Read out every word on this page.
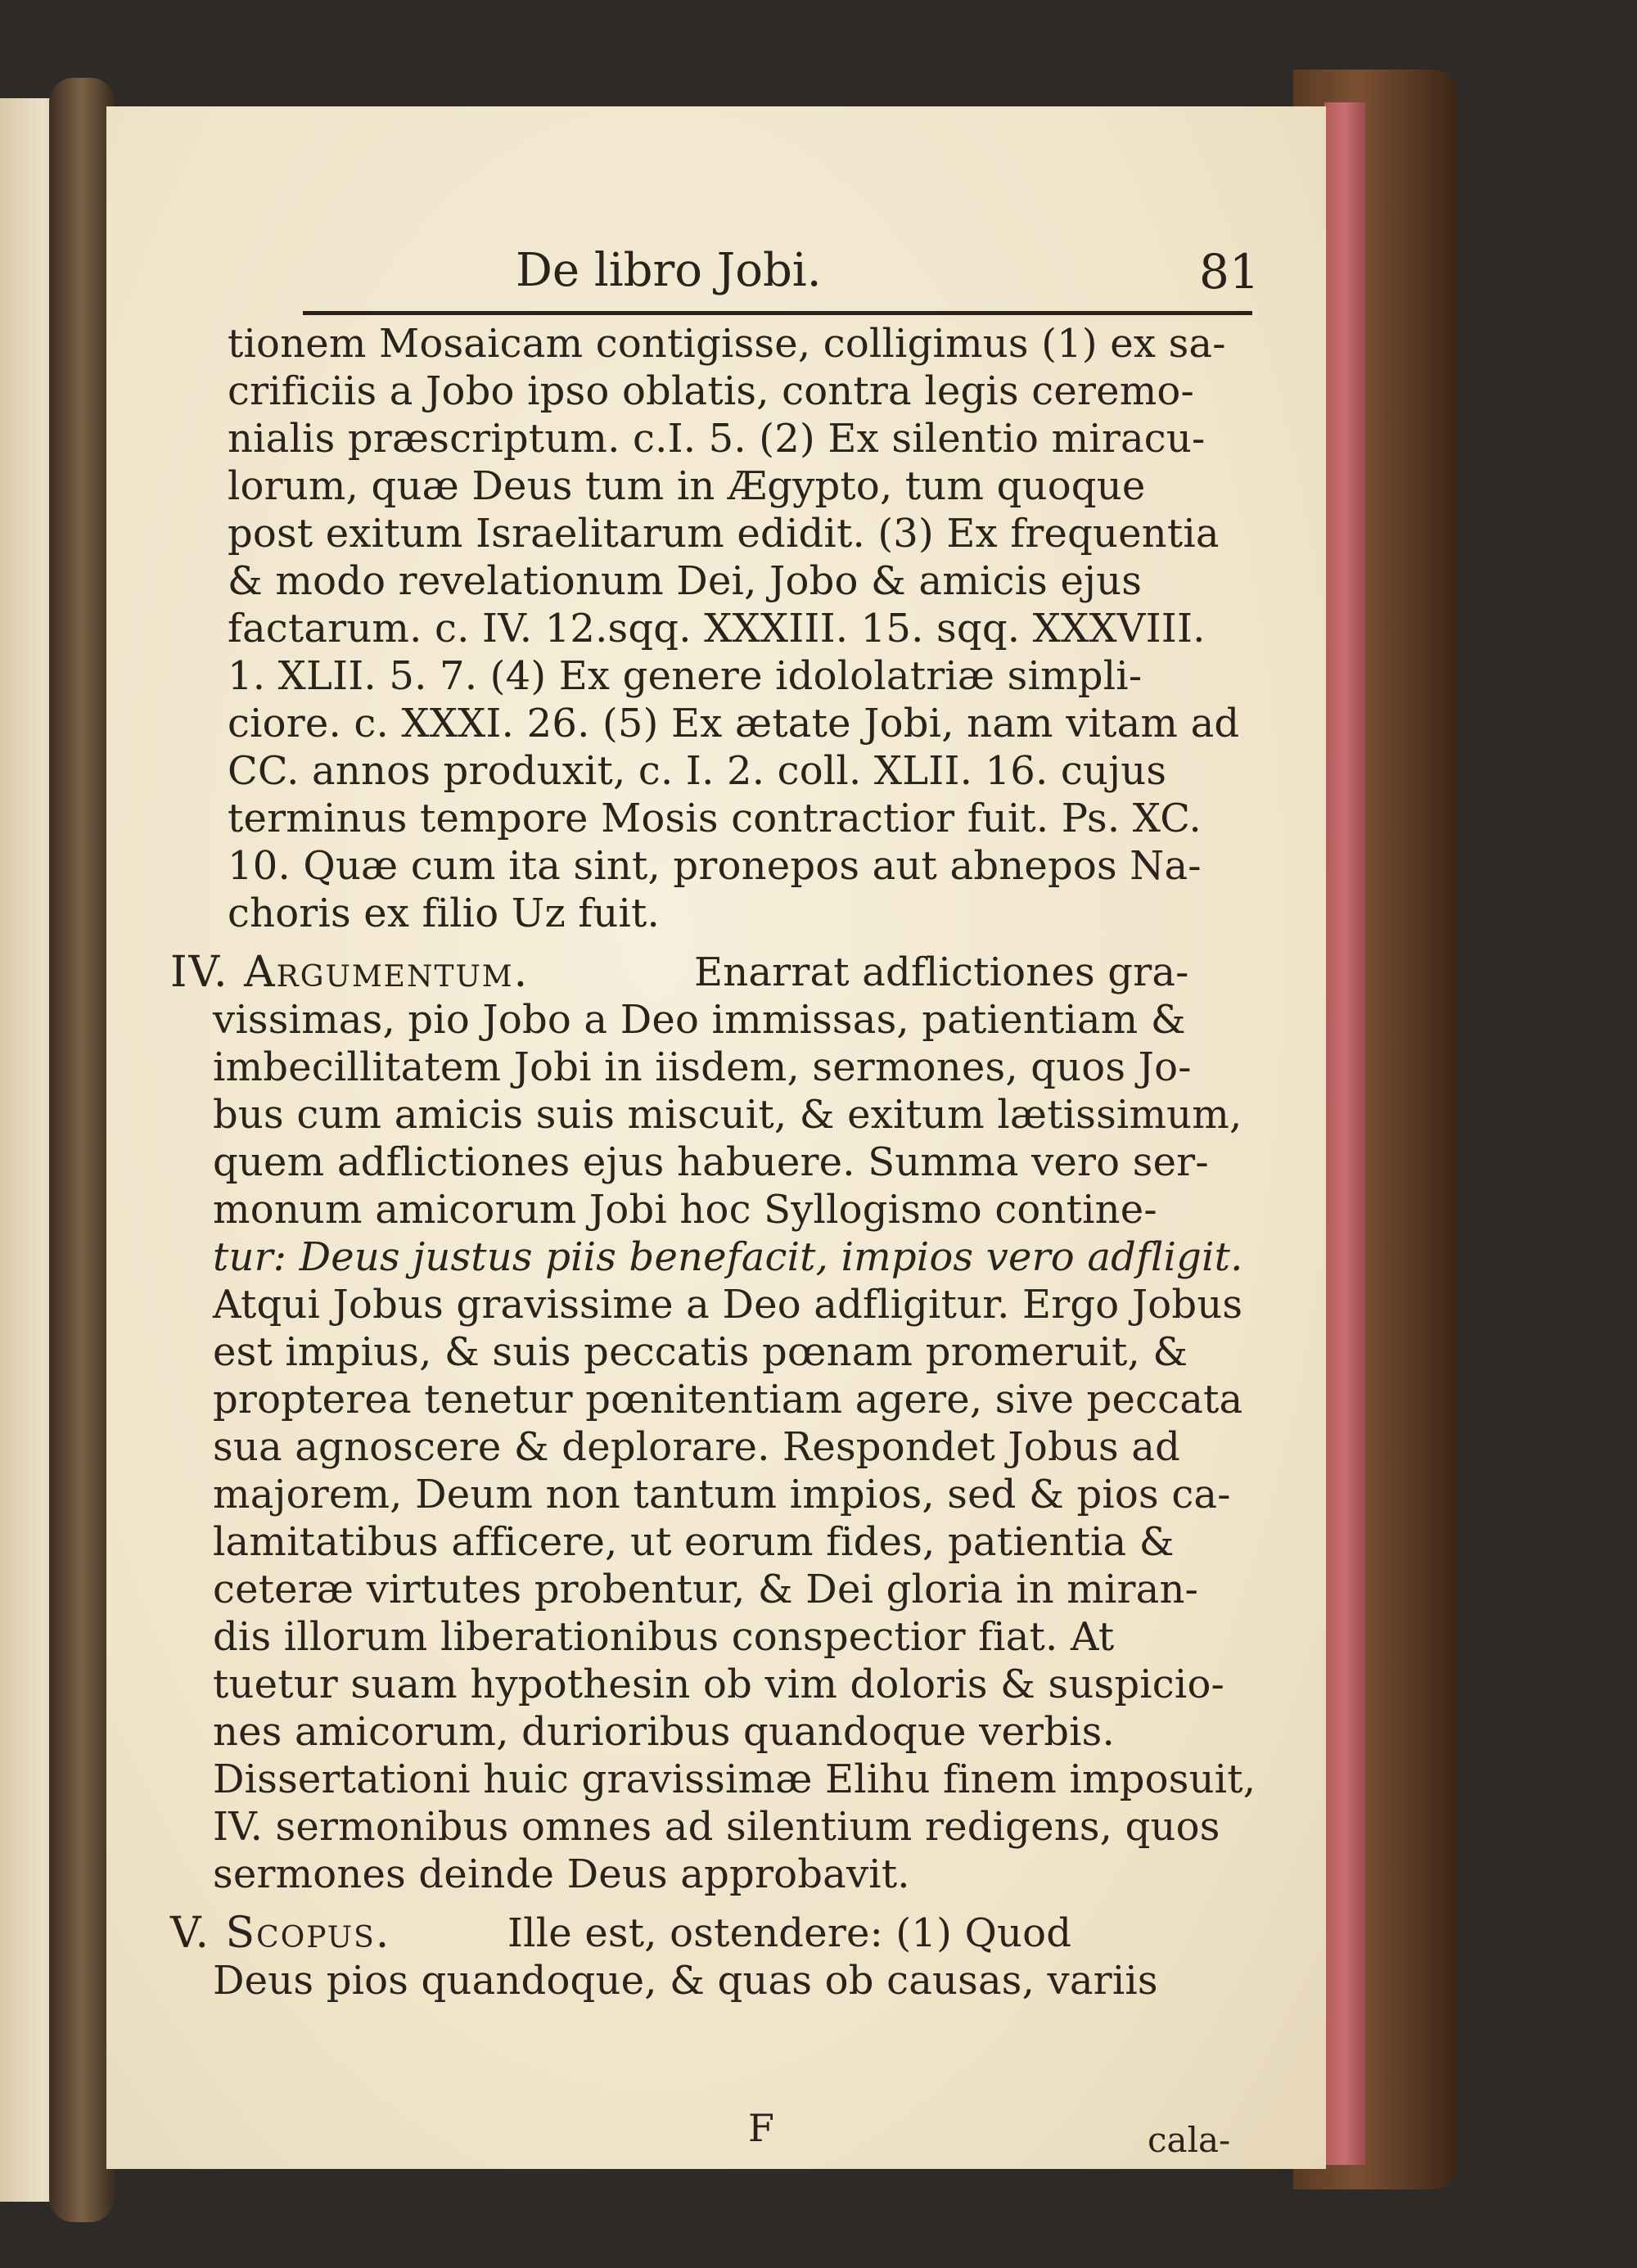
De libro Jobi.	81
tionem Mosaicam contigisse, colligimus (1) ex sa-
crificiis a Jobo ipso oblatis, contra legis ceremo-
nialis præscriptum. c.I. 5. (2) Ex silentio miracu-
lorum, quæ Deus tum in Ægypto, tum quoque
post exitum Israelitarum edidit. (3) Ex frequentia
& modo revelationum Dei, Jobo & amicis ejus
factarum. c. IV. 12.sqq. XXXIII. 15. sqq. XXXVIII.
1. XLII. 5. 7. (4) Ex genere idololatriæ simpli-
ciore. c. XXXI. 26. (5) Ex ætate Jobi, nam vitam ad
CC. annos produxit, c. I. 2. coll. XLII. 16. cujus
terminus tempore Mosis contractior fuit. Ps. XC.
10. Quæ cum ita sint, pronepos aut abnepos Na-
choris ex filio Uz fuit.
IV. Argumentum.	Enarrat adflictiones gra-
vissimas, pio Jobo a Deo immissas, patientiam &
imbecillitatem Jobi in iisdem, sermones, quos Jo-
bus cum amicis suis miscuit, & exitum lætissimum,
quem adflictiones ejus habuere. Summa vero ser-
monum amicorum Jobi hoc Syllogismo contine-
tur: Deus justus piis benefacit, impios vero adfligit.
Atqui Jobus gravissime a Deo adfligitur. Ergo Jobus
est impius, & suis peccatis pœnam promeruit, &
propterea tenetur pœnitentiam agere, sive peccata
sua agnoscere & deplorare. Respondet Jobus ad
majorem, Deum non tantum impios, sed & pios ca-
lamitatibus afficere, ut eorum fides, patientia &
ceteræ virtutes probentur, & Dei gloria in miran-
dis illorum liberationibus conspectior fiat. At
tuetur suam hypothesin ob vim doloris & suspicio-
nes amicorum, durioribus quandoque verbis.
Dissertationi huic gravissimæ Elihu finem imposuit,
IV. sermonibus omnes ad silentium redigens, quos
sermones deinde Deus approbavit.
V. Scopus.	Ille est, ostendere: (1) Quod
Deus pios quandoque, & quas ob causas, variis
F	cala-
